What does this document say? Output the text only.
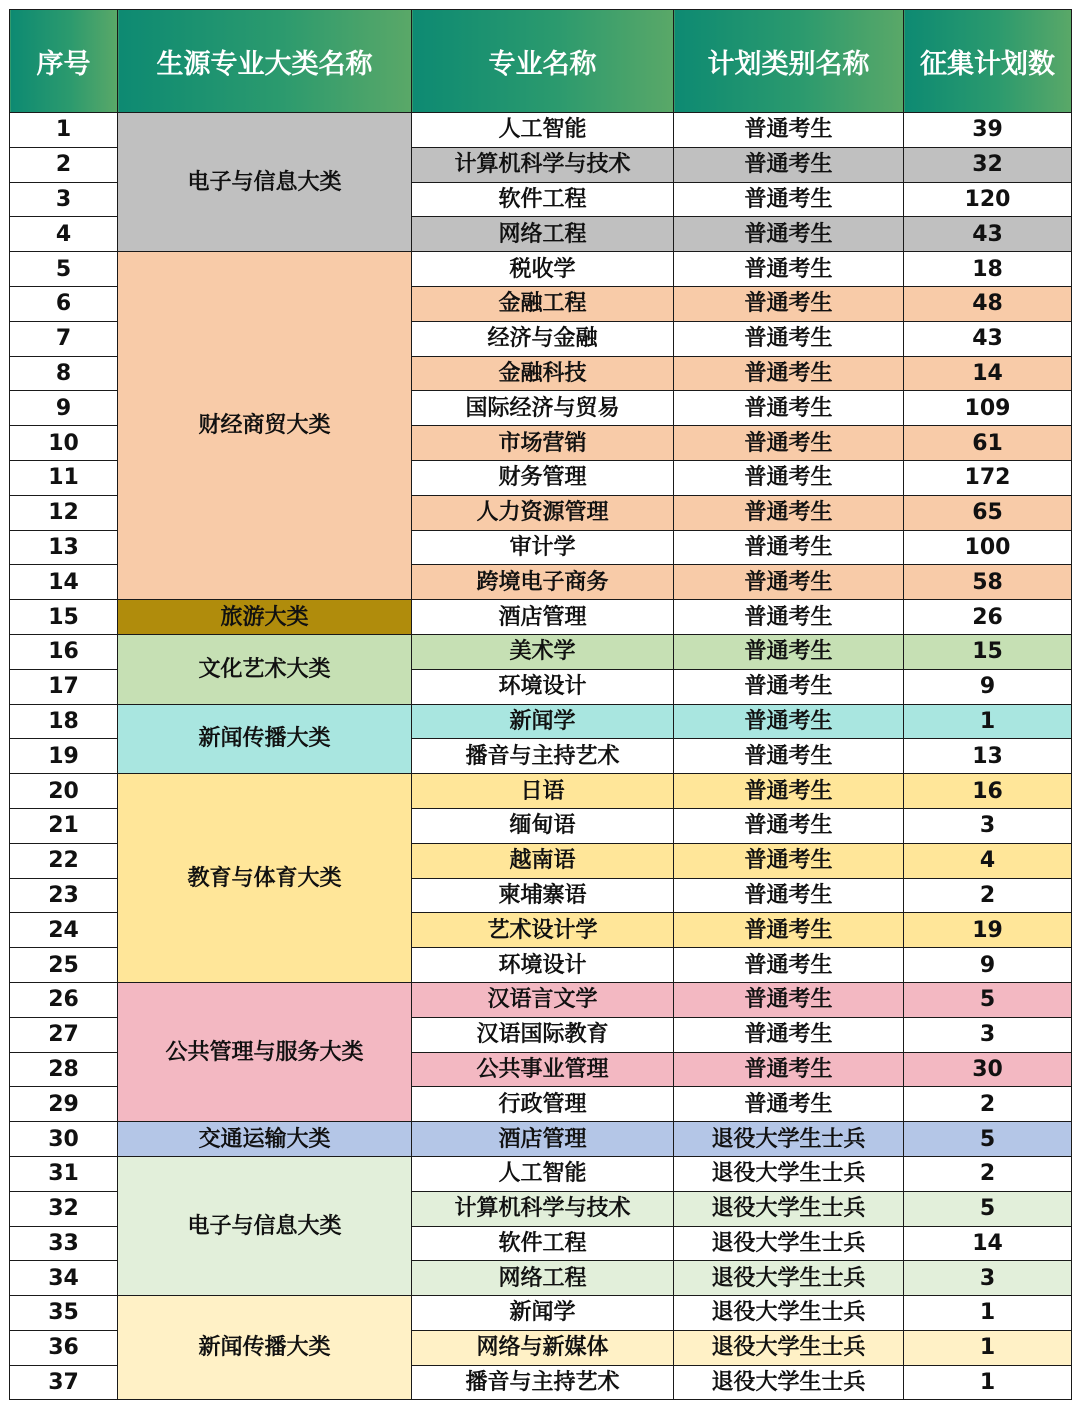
序号	生源专业大类名称	专业名称	计划类别名称	征集计划数
1	电子与信息大类	人工智能	普通考生	39
2		计算机科学与技术	普通考生	32
3		软件工程	普通考生	120
4		网络工程	普通考生	43
5	财经商贸大类	税收学	普通考生	18
6		金融工程	普通考生	48
7		经济与金融	普通考生	43
8		金融科技	普通考生	14
9		国际经济与贸易	普通考生	109
10		市场营销	普通考生	61
11		财务管理	普通考生	172
12		人力资源管理	普通考生	65
13		审计学	普通考生	100
14		跨境电子商务	普通考生	58
15	旅游大类	酒店管理	普通考生	26
16	文化艺术大类	美术学	普通考生	15
17		环境设计	普通考生	9
18	新闻传播大类	新闻学	普通考生	1
19		播音与主持艺术	普通考生	13
20	教育与体育大类	日语	普通考生	16
21		缅甸语	普通考生	3
22		越南语	普通考生	4
23		柬埔寨语	普通考生	2
24		艺术设计学	普通考生	19
25		环境设计	普通考生	9
26	公共管理与服务大类	汉语言文学	普通考生	5
27		汉语国际教育	普通考生	3
28		公共事业管理	普通考生	30
29		行政管理	普通考生	2
30	交通运输大类	酒店管理	退役大学生士兵	5
31	电子与信息大类	人工智能	退役大学生士兵	2
32		计算机科学与技术	退役大学生士兵	5
33		软件工程	退役大学生士兵	14
34		网络工程	退役大学生士兵	3
35	新闻传播大类	新闻学	退役大学生士兵	1
36		网络与新媒体	退役大学生士兵	1
37		播音与主持艺术	退役大学生士兵	1
